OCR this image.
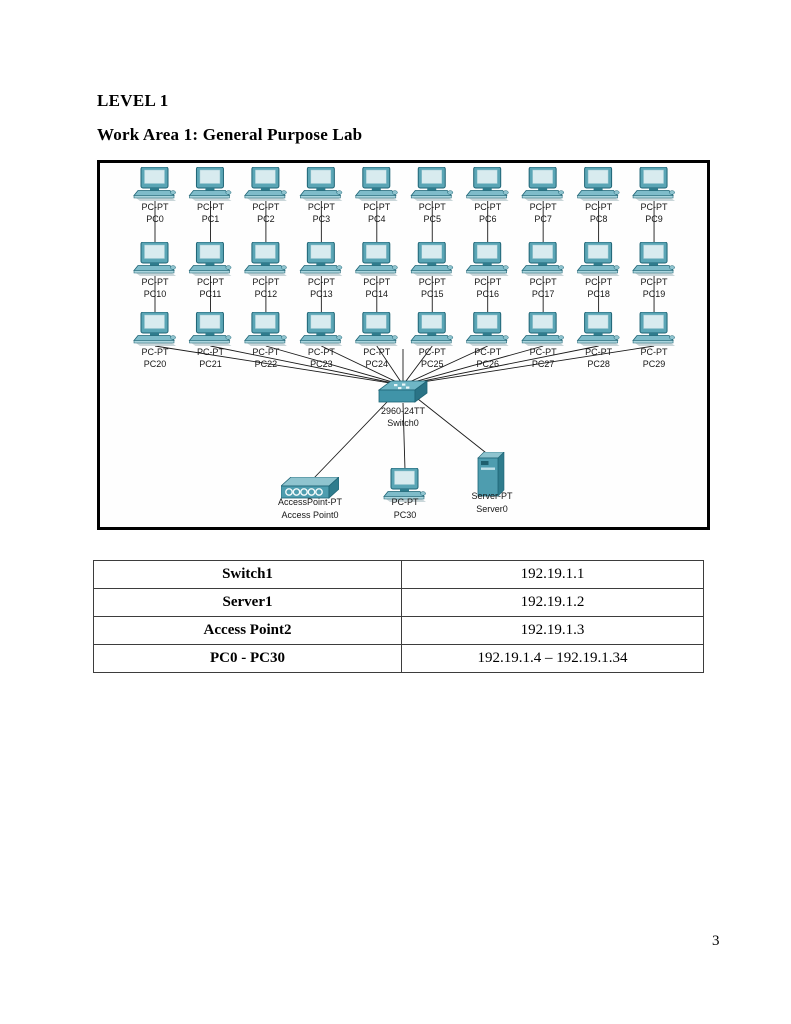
LEVEL 1
Work Area 1: General Purpose Lab
PC-PT
PC0
PC-PT
PC1
PC-PT
PC2
PC-PT
PC3
PC-PT
PC4
PC-PT
PC5
PC-PT
PC6
PC-PT
PC7
PC-PT
PC8
PC-PT
PC9
PC-PT
PC10
PC-PT
PC11
PC-PT
PC12
PC-PT
PC13
PC-PT
PC14
PC-PT
PC15
PC-PT
PC16
PC-PT
PC17
PC-PT
PC18
PC-PT
PC19
PC-PT
PC20
PC-PT
PC21
PC-PT
PC22
PC-PT
PC23
PC-PT
PC24
PC-PT
PC25
PC-PT
PC26
PC-PT
PC27
PC-PT
PC28
PC-PT
PC29
2960-24TT
Switch0
AccessPoint-PT
Access Point0
PC-PT
PC30
Server-PT
Server0
Switch1	192.19.1.1
Server1	192.19.1.2
Access Point2	192.19.1.3
PC0 - PC30	192.19.1.4 – 192.19.1.34
3
